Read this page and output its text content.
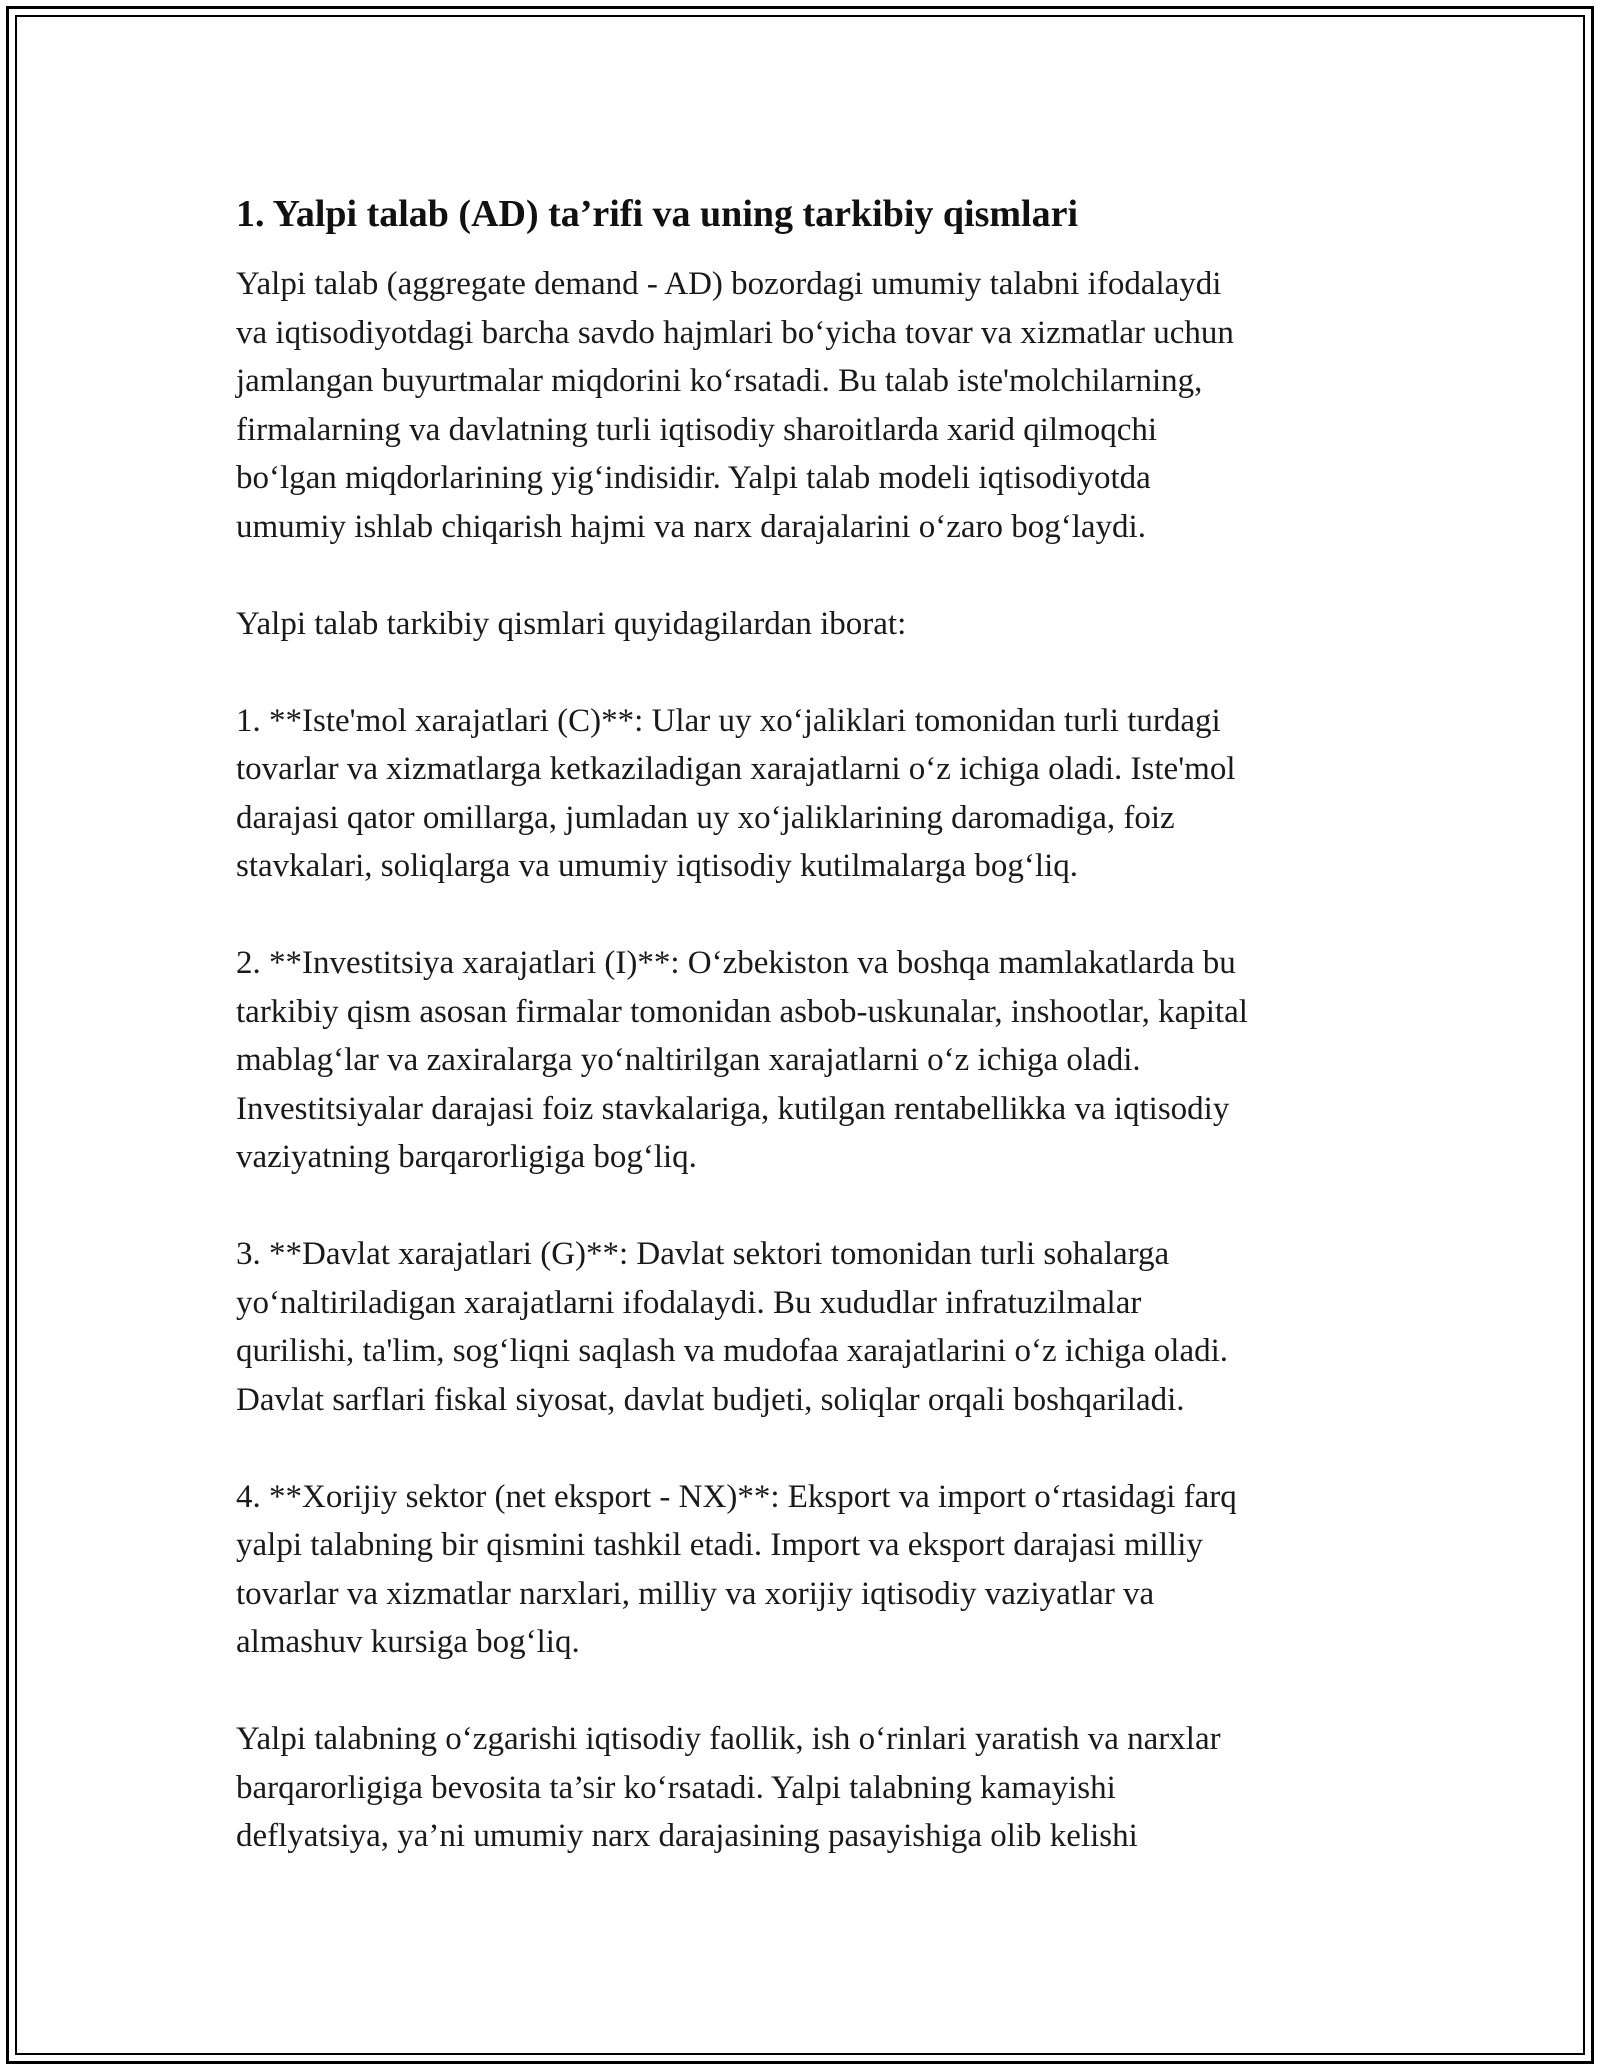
1. Yalpi talab (AD) ta’rifi va uning tarkibiy qismlari
Yalpi talab (aggregate demand - AD) bozordagi umumiy talabni ifodalaydi
va iqtisodiyotdagi barcha savdo hajmlari bo‘yicha tovar va xizmatlar uchun
jamlangan buyurtmalar miqdorini ko‘rsatadi. Bu talab iste'molchilarning,
firmalarning va davlatning turli iqtisodiy sharoitlarda xarid qilmoqchi
bo‘lgan miqdorlarining yig‘indisidir. Yalpi talab modeli iqtisodiyotda
umumiy ishlab chiqarish hajmi va narx darajalarini o‘zaro bog‘laydi.
Yalpi talab tarkibiy qismlari quyidagilardan iborat:
1. **Iste'mol xarajatlari (C)**: Ular uy xo‘jaliklari tomonidan turli turdagi
tovarlar va xizmatlarga ketkaziladigan xarajatlarni o‘z ichiga oladi. Iste'mol
darajasi qator omillarga, jumladan uy xo‘jaliklarining daromadiga, foiz
stavkalari, soliqlarga va umumiy iqtisodiy kutilmalarga bog‘liq.
2. **Investitsiya xarajatlari (I)**: O‘zbekiston va boshqa mamlakatlarda bu
tarkibiy qism asosan firmalar tomonidan asbob-uskunalar, inshootlar, kapital
mablag‘lar va zaxiralarga yo‘naltirilgan xarajatlarni o‘z ichiga oladi.
Investitsiyalar darajasi foiz stavkalariga, kutilgan rentabellikka va iqtisodiy
vaziyatning barqarorligiga bog‘liq.
3. **Davlat xarajatlari (G)**: Davlat sektori tomonidan turli sohalarga
yo‘naltiriladigan xarajatlarni ifodalaydi. Bu xududlar infratuzilmalar
qurilishi, ta'lim, sog‘liqni saqlash va mudofaa xarajatlarini o‘z ichiga oladi.
Davlat sarflari fiskal siyosat, davlat budjeti, soliqlar orqali boshqariladi.
4. **Xorijiy sektor (net eksport - NX)**: Eksport va import o‘rtasidagi farq
yalpi talabning bir qismini tashkil etadi. Import va eksport darajasi milliy
tovarlar va xizmatlar narxlari, milliy va xorijiy iqtisodiy vaziyatlar va
almashuv kursiga bog‘liq.
Yalpi talabning o‘zgarishi iqtisodiy faollik, ish o‘rinlari yaratish va narxlar
barqarorligiga bevosita ta’sir ko‘rsatadi. Yalpi talabning kamayishi
deflyatsiya, ya’ni umumiy narx darajasining pasayishiga olib kelishi
